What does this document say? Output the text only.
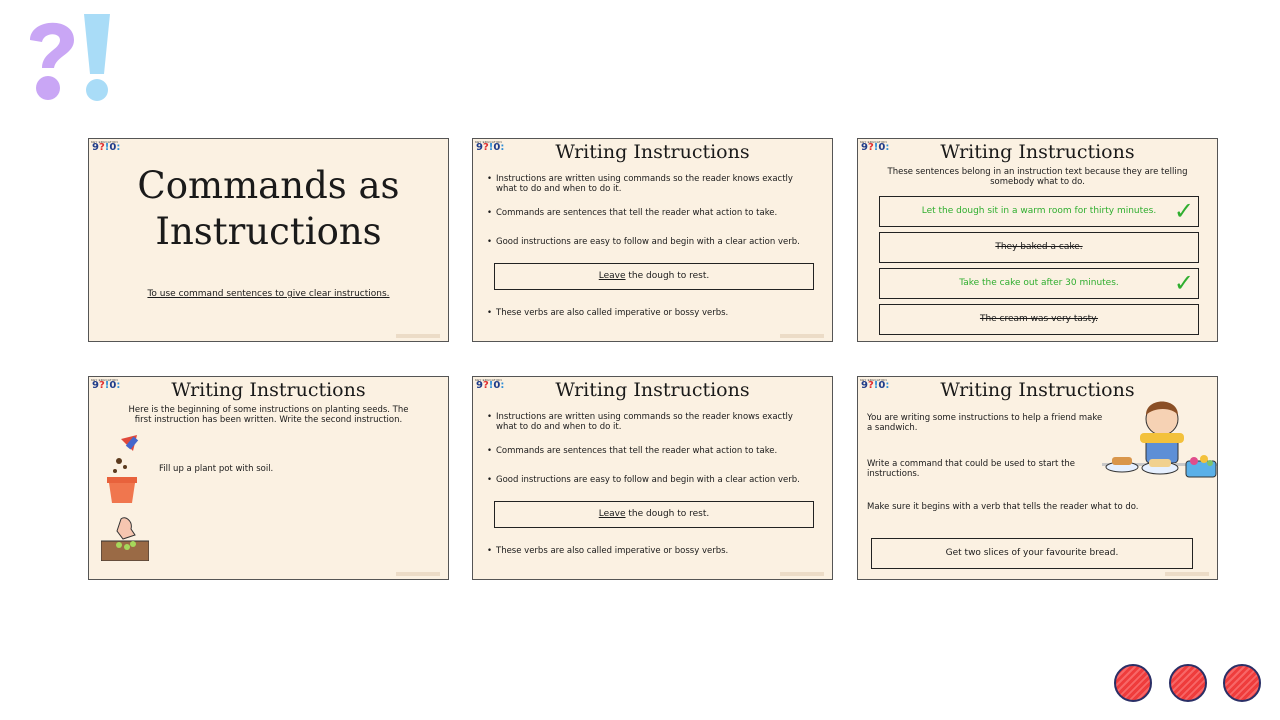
KEY EDUCATION
9?!0:
Commands as
Instructions
To use command sentences to give clear instructions.
KEY EDUCATION
9?!0:	Writing Instructions
• Instructions are written using commands so the reader knows exactly what to do and when to do it.
• Commands are sentences that tell the reader what action to take.
• Good instructions are easy to follow and begin with a clear action verb.
• These verbs are also called imperative or bossy verbs.
Leave the dough to rest.
KEY EDUCATION
9?!0:	Writing Instructions
These sentences belong in an instruction text because they are telling somebody what to do.
Let the dough sit in a warm room for thirty minutes. ✓
They baked a cake.
Take the cake out after 30 minutes. ✓
The cream was very tasty.
KEY EDUCATION
9?!0:	Writing Instructions
Here is the beginning of some instructions on planting seeds. The first instruction has been written. Write the second instruction.
Fill up a plant pot with soil.
KEY EDUCATION
9?!0:	Writing Instructions
• Instructions are written using commands so the reader knows exactly what to do and when to do it.
• Commands are sentences that tell the reader what action to take.
• Good instructions are easy to follow and begin with a clear action verb.
• These verbs are also called imperative or bossy verbs.
Leave the dough to rest.
KEY EDUCATION
9?!0:	Writing Instructions
You are writing some instructions to help a friend make a sandwich.
Write a command that could be used to start the instructions.
Make sure it begins with a verb that tells the reader what to do.
Get two slices of your favourite bread.
